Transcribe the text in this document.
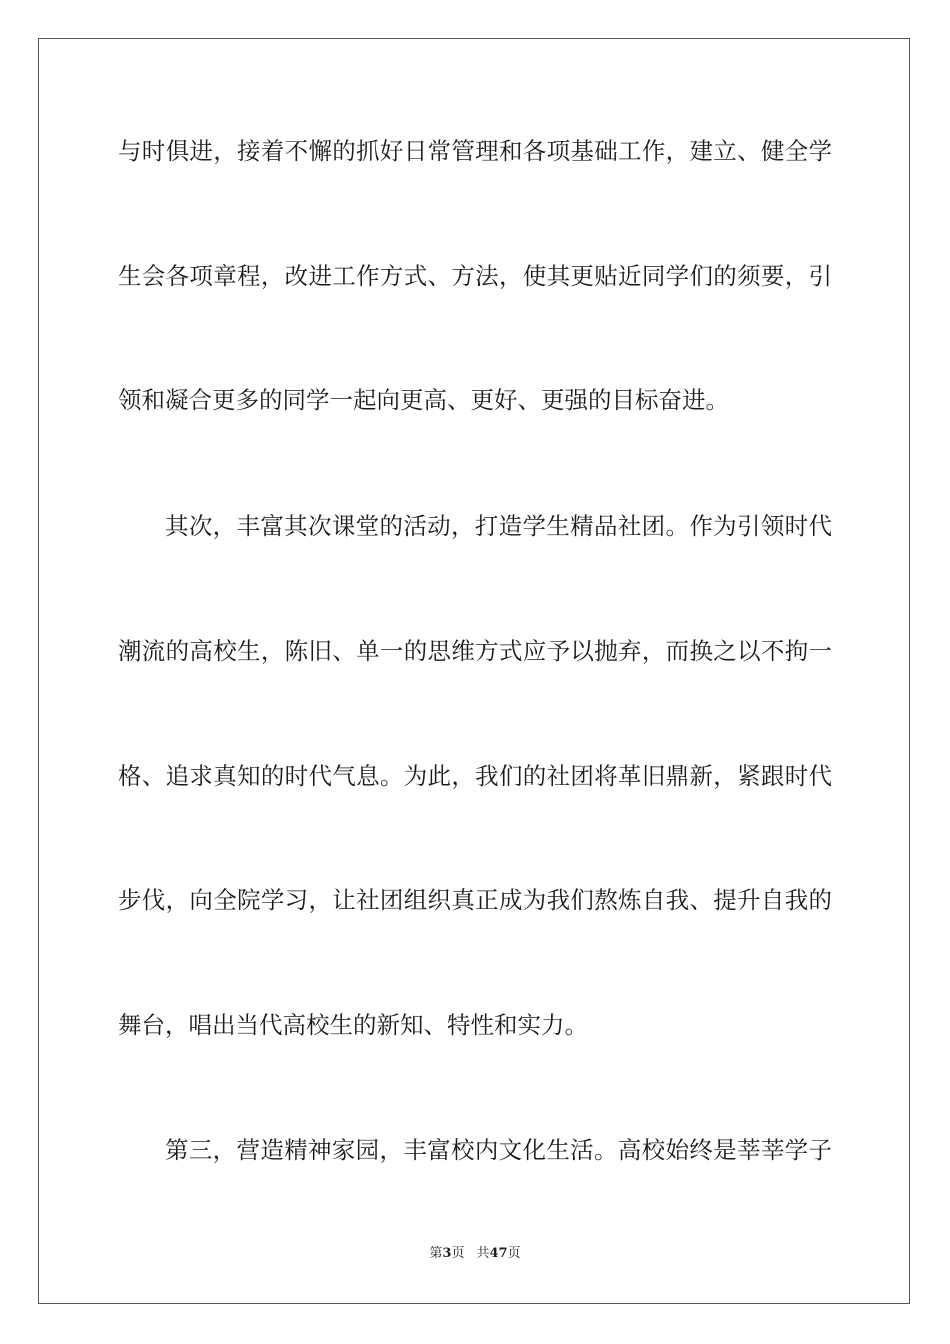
与时俱进，接着不懈的抓好日常管理和各项基础工作，建立、健全学
生会各项章程，改进工作方式、方法，使其更贴近同学们的须要，引
领和凝合更多的同学一起向更高、更好、更强的目标奋进。
其次，丰富其次课堂的活动，打造学生精品社团。作为引领时代
潮流的高校生，陈旧、单一的思维方式应予以抛弃，而换之以不拘一
格、追求真知的时代气息。为此，我们的社团将革旧鼎新，紧跟时代
步伐，向全院学习，让社团组织真正成为我们熬炼自我、提升自我的
舞台，唱出当代高校生的新知、特性和实力。
第三，营造精神家园，丰富校内文化生活。高校始终是莘莘学子
第3页 共47页
